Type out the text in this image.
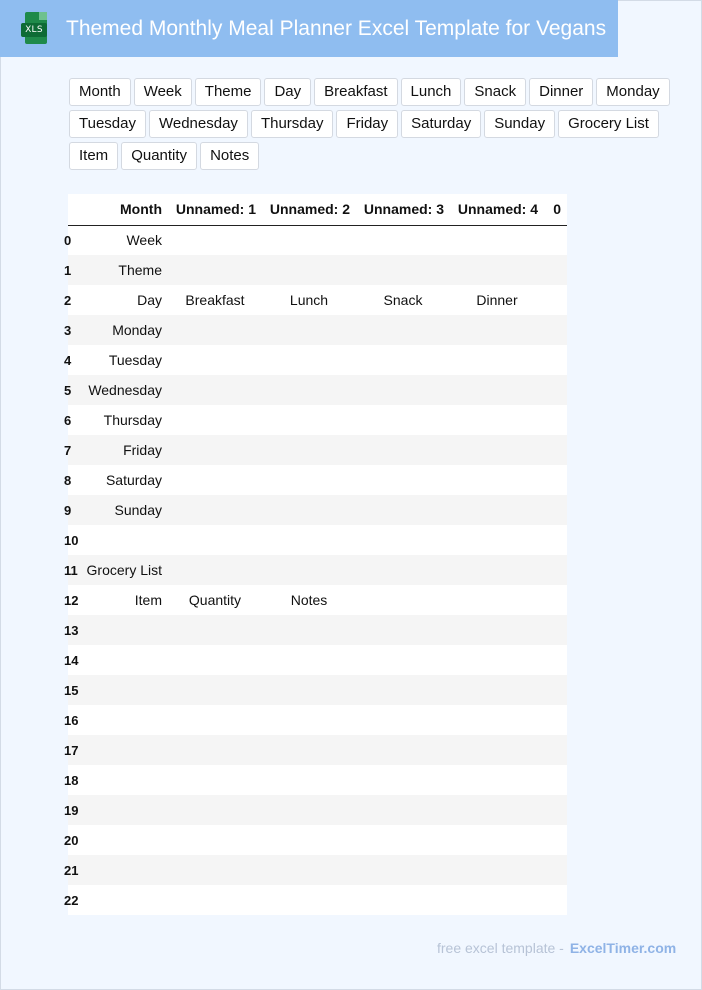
XLS Themed Monthly Meal Planner Excel Template for Vegans
Month	Week	Theme	Day	Breakfast	Lunch	Snack	Dinner	Monday
Tuesday	Wednesday	Thursday	Friday	Saturday	Sunday	Grocery List
Item	Quantity	Notes
	Month	Unnamed: 1	Unnamed: 2	Unnamed: 3	Unnamed: 4	0
0	Week					
1	Theme					
2	Day	Breakfast	Lunch	Snack	Dinner	
3	Monday					
4	Tuesday					
5	Wednesday					
6	Thursday					
7	Friday					
8	Saturday					
9	Sunday					
10						
11	Grocery List					
12	Item	Quantity	Notes			
13						
14						
15						
16						
17						
18						
19						
20						
21						
22						
free excel template - ExcelTimer.com
